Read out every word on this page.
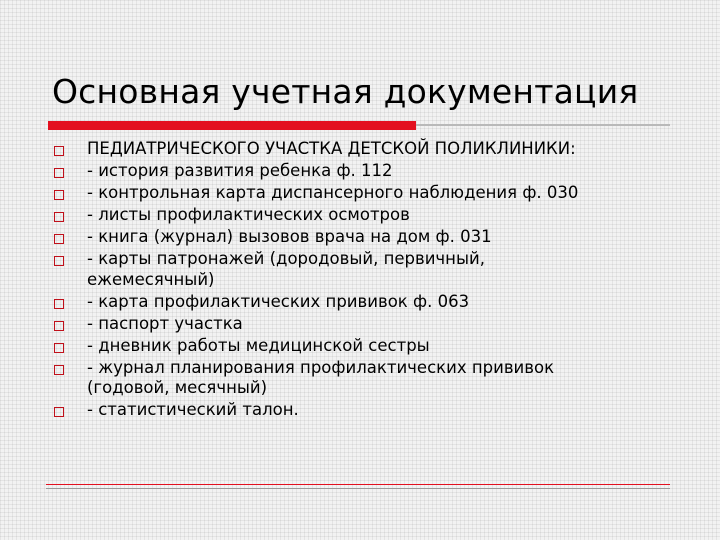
Основная учетная документация
ПЕДИАТРИЧЕСКОГО УЧАСТКА ДЕТСКОЙ ПОЛИКЛИНИКИ:
- история развития ребенка ф. 112
- контрольная карта диспансерного наблюдения ф. 030
- листы профилактических осмотров
- книга (журнал) вызовов врача на дом ф. 031
- карты патронажей (дородовый, первичный,
ежемесячный)
- карта профилактических прививок ф. 063
- паспорт участка
- дневник работы медицинской сестры
- журнал планирования профилактических прививок
(годовой, месячный)
- статистический талон.
